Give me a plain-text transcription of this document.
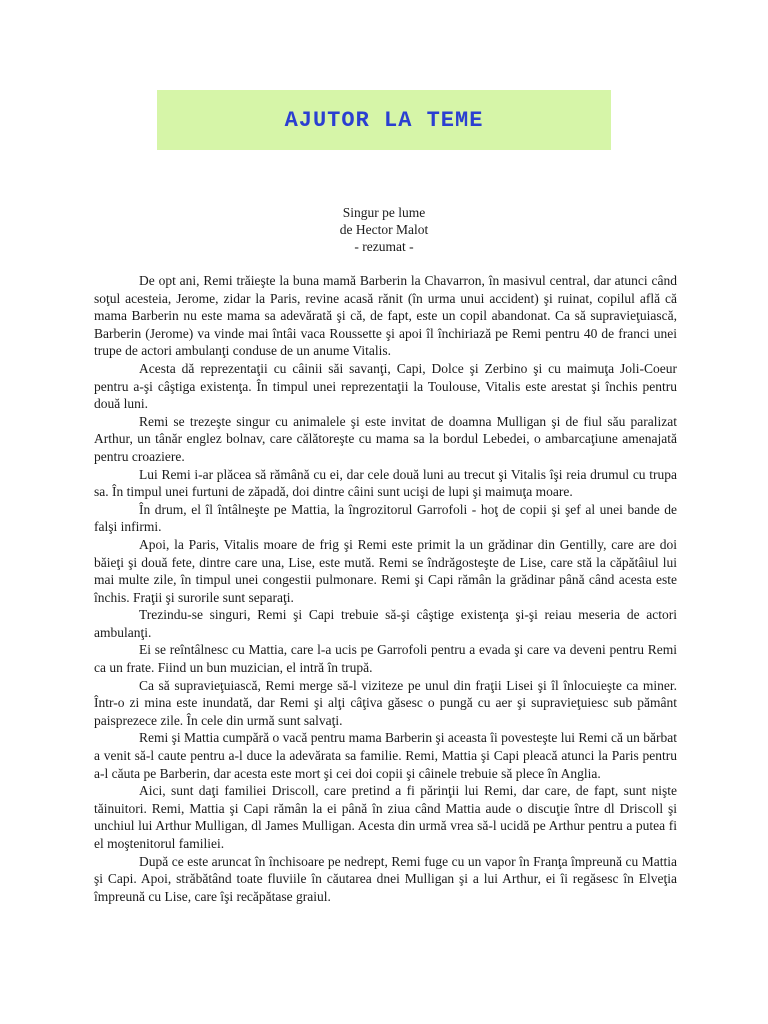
AJUTOR LA TEME
Singur pe lume
de Hector Malot
- rezumat -

De opt ani, Remi trăieşte la buna mamă Barberin la Chavarron, în masivul central, dar atunci când soţul acesteia, Jerome, zidar la Paris, revine acasă rănit (în urma unui accident) şi ruinat, copilul află că mama Barberin nu este mama sa adevărată şi că, de fapt, este un copil abandonat. Ca să supravieţuiască, Barberin (Jerome) va vinde mai întâi vaca Roussette şi apoi îl închiriază pe Remi pentru 40 de franci unei trupe de actori ambulanţi conduse de un anume Vitalis.

Acesta dă reprezentaţii cu câinii săi savanţi, Capi, Dolce şi Zerbino şi cu maimuţa Joli-Coeur pentru a-şi câştiga existenţa. În timpul unei reprezentaţii la Toulouse, Vitalis este arestat şi închis pentru două luni.

Remi se trezeşte singur cu animalele şi este invitat de doamna Mulligan şi de fiul său paralizat Arthur, un tânăr englez bolnav, care călătoreşte cu mama sa la bordul Lebedei, o ambarcaţiune amenajată pentru croaziere.

Lui Remi i-ar plăcea să rămână cu ei, dar cele două luni au trecut şi Vitalis îşi reia drumul cu trupa sa. În timpul unei furtuni de zăpadă, doi dintre câini sunt ucişi de lupi şi maimuţa moare.

În drum, el îl întâlneşte pe Mattia, la îngrozitorul Garrofoli - hoţ de copii şi şef al unei bande de falşi infirmi.

Apoi, la Paris, Vitalis moare de frig şi Remi este primit la un grădinar din Gentilly, care are doi băieţi şi două fete, dintre care una, Lise, este mută. Remi se îndrăgosteşte de Lise, care stă la căpătâiul lui mai multe zile, în timpul unei congestii pulmonare. Remi şi Capi rămân la grădinar până când acesta este închis. Fraţii şi surorile sunt separaţi.

Trezindu-se singuri, Remi şi Capi trebuie să-şi câştige existenţa şi-şi reiau meseria de actori ambulanţi.

Ei se reîntâlnesc cu Mattia, care l-a ucis pe Garrofoli pentru a evada şi care va deveni pentru Remi ca un frate. Fiind un bun muzician, el intră în trupă.

Ca să supravieţuiască, Remi merge să-l viziteze pe unul din fraţii Lisei şi îl înlocuieşte ca miner. Într-o zi mina este inundată, dar Remi şi alţi câţiva găsesc o pungă cu aer şi supravieţuiesc sub pământ paisprezece zile. În cele din urmă sunt salvaţi.

Remi şi Mattia cumpără o vacă pentru mama Barberin şi aceasta îi povesteşte lui Remi că un bărbat a venit să-l caute pentru a-l duce la adevărata sa familie. Remi, Mattia şi Capi pleacă atunci la Paris pentru a-l căuta pe Barberin, dar acesta este mort şi cei doi copii şi câinele trebuie să plece în Anglia.

Aici, sunt daţi familiei Driscoll, care pretind a fi părinţii lui Remi, dar care, de fapt, sunt nişte tăinuitori. Remi, Mattia şi Capi rămân la ei până în ziua când Mattia aude o discuţie între dl Driscoll şi unchiul lui Arthur Mulligan, dl James Mulligan. Acesta din urmă vrea să-l ucidă pe Arthur pentru a putea fi el moştenitorul familiei.

După ce este aruncat în închisoare pe nedrept, Remi fuge cu un vapor în Franţa împreună cu Mattia şi Capi. Apoi, străbătând toate fluviile în căutarea dnei Mulligan şi a lui Arthur, ei îi regăsesc în Elveţia împreună cu Lise, care îşi recăpătase graiul.
